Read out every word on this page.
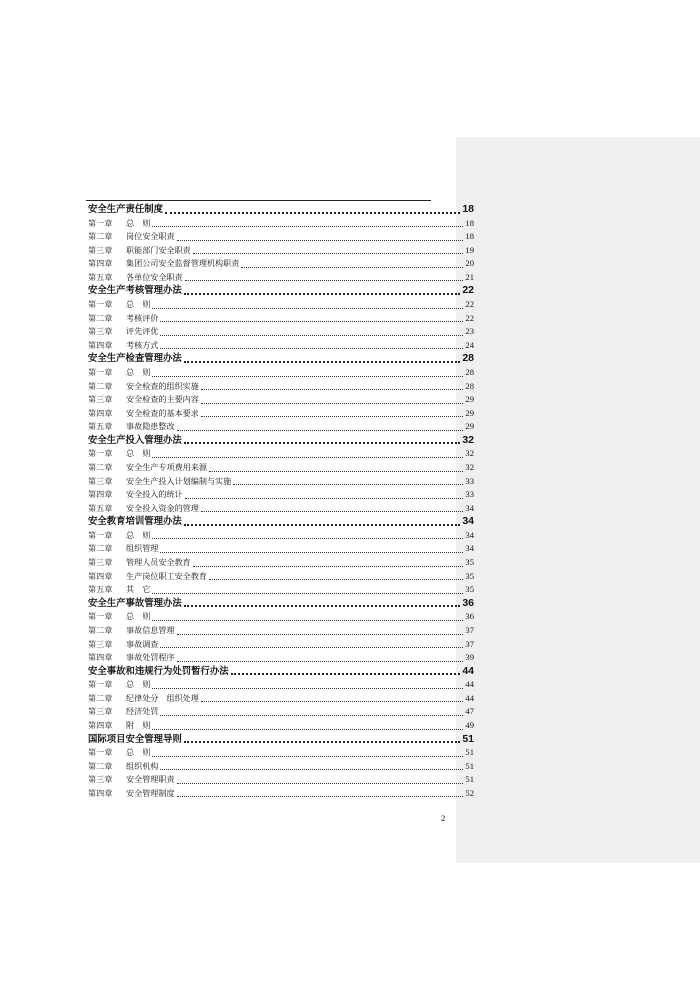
安全生产责任制度	18
第一章 总　则	18
第二章 岗位安全职责	18
第三章 职能部门安全职责	19
第四章 集团公司安全监督管理机构职责	20
第五章 各单位安全职责	21
安全生产考核管理办法	22
第一章 总　则	22
第二章 考核评价	22
第三章 评先评优	23
第四章 考核方式	24
安全生产检查管理办法	28
第一章 总　则	28
第二章 安全检查的组织实施	28
第三章 安全检查的主要内容	29
第四章 安全检查的基本要求	29
第五章 事故隐患整改	29
安全生产投入管理办法	32
第一章 总　则	32
第二章 安全生产专项费用来源	32
第三章 安全生产投入计划编制与实施	33
第四章 安全投入的统计	33
第五章 安全投入资金的管理	34
安全教育培训管理办法	34
第一章 总　则	34
第二章 组织管理	34
第三章 管理人员安全教育	35
第四章 生产岗位职工安全教育	35
第五章 其　它	35
安全生产事故管理办法	36
第一章 总　则	36
第二章 事故信息管理	37
第三章 事故调查	37
第四章 事故处罚程序	39
安全事故和违规行为处罚暂行办法	44
第一章 总　则	44
第二章 纪律处分　组织处理	44
第三章 经济处罚	47
第四章 附　则	49
国际项目安全管理导则	51
第一章 总　则	51
第二章 组织机构	51
第三章 安全管理职责	51
第四章 安全管理制度	52
2
